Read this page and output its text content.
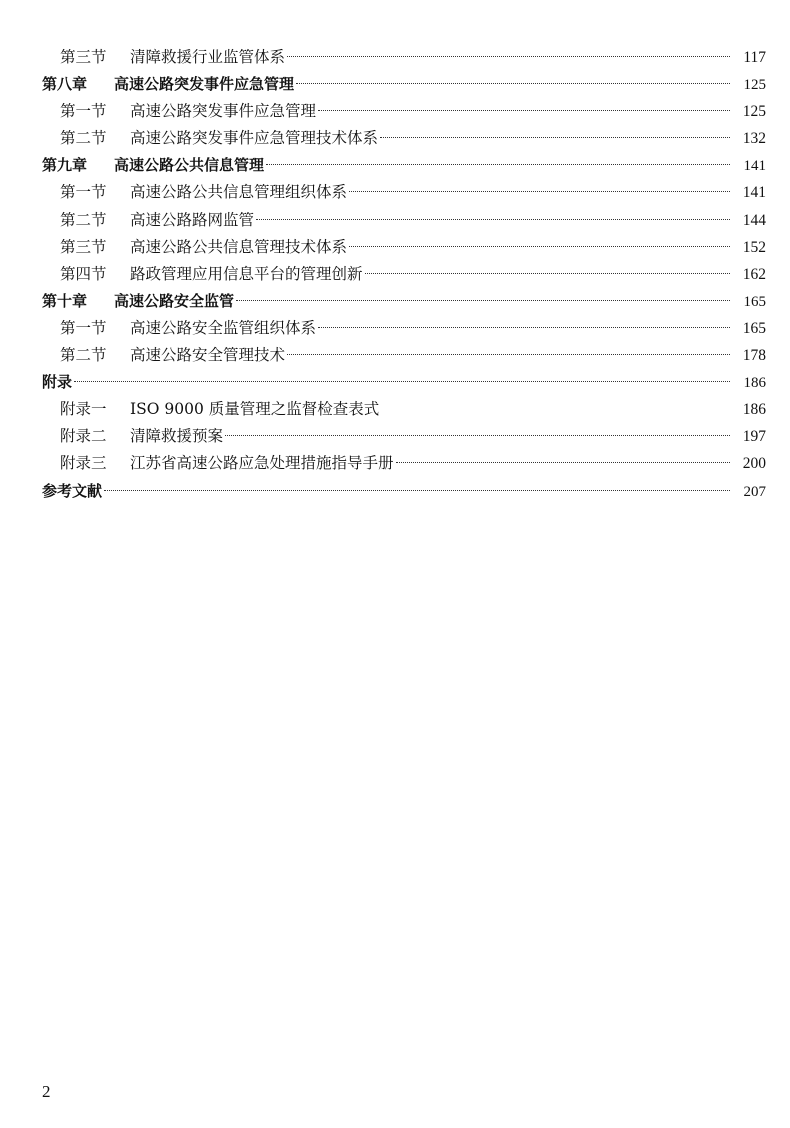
第三节	清障救援行业监管体系	117
第八章	高速公路突发事件应急管理	125
第一节	高速公路突发事件应急管理	125
第二节	高速公路突发事件应急管理技术体系	132
第九章	高速公路公共信息管理	141
第一节	高速公路公共信息管理组织体系	141
第二节	高速公路路网监管	144
第三节	高速公路公共信息管理技术体系	152
第四节	路政管理应用信息平台的管理创新	162
第十章	高速公路安全监管	165
第一节	高速公路安全监管组织体系	165
第二节	高速公路安全管理技术	178
附录	186
附录一	ISO 9000 质量管理之监督检查表式	186
附录二	清障救援预案	197
附录三	江苏省高速公路应急处理措施指导手册	200
参考文献	207
2
